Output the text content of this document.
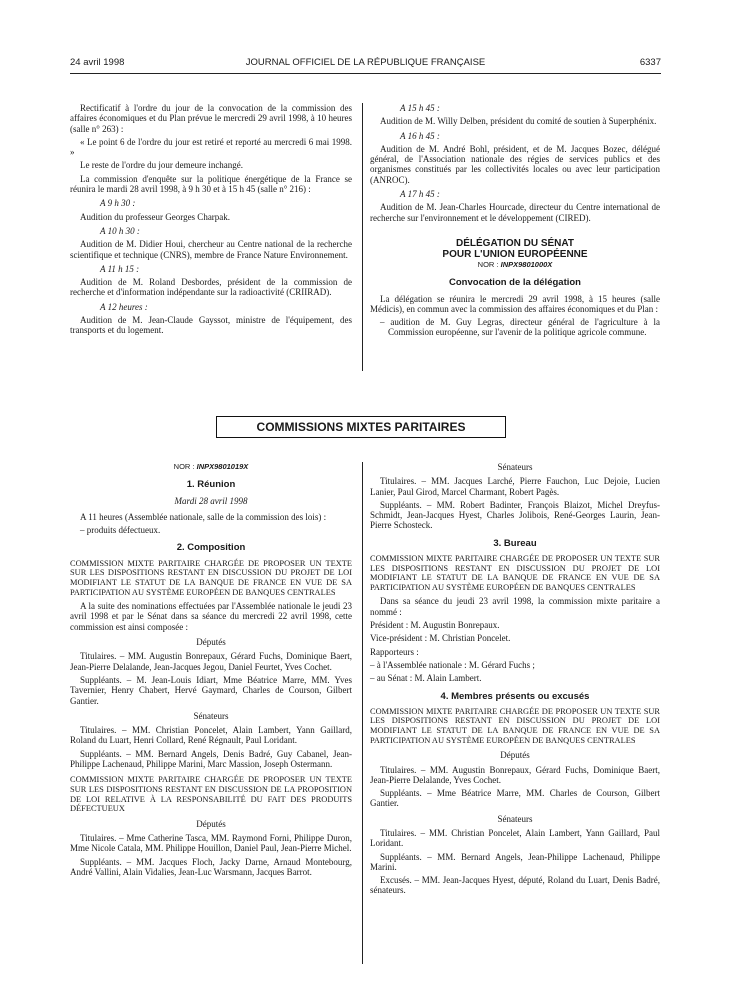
24 avril 1998	JOURNAL OFFICIEL DE LA RÉPUBLIQUE FRANÇAISE	6337

Rectificatif à l'ordre du jour de la convocation de la commission des affaires économiques et du Plan prévue le mercredi 29 avril 1998, à 10 heures (salle n° 263) :

« Le point 6 de l'ordre du jour est retiré et reporté au mercredi 6 mai 1998. »

Le reste de l'ordre du jour demeure inchangé.

La commission d'enquête sur la politique énergétique de la France se réunira le mardi 28 avril 1998, à 9 h 30 et à 15 h 45 (salle n° 216) :

A 9 h 30 :

Audition du professeur Georges Charpak.

A 10 h 30 :

Audition de M. Didier Houi, chercheur au Centre national de la recherche scientifique et technique (CNRS), membre de France Nature Environnement.

A 11 h 15 :

Audition de M. Roland Desbordes, président de la commission de recherche et d'information indépendante sur la radioactivité (CRIIRAD).

A 12 heures :

Audition de M. Jean-Claude Gayssot, ministre de l'équipement, des transports et du logement.

A 15 h 45 :

Audition de M. Willy Delben, président du comité de soutien à Superphénix.

A 16 h 45 :

Audition de M. André Bohl, président, et de M. Jacques Bozec, délégué général, de l'Association nationale des régies de services publics et des organismes constitués par les collectivités locales ou avec leur participation (ANROC).

A 17 h 45 :

Audition de M. Jean-Charles Hourcade, directeur du Centre international de recherche sur l'environnement et le développement (CIRED).

DÉLÉGATION DU SÉNAT

POUR L'UNION EUROPÉENNE

NOR : INPX9801000X

Convocation de la délégation

La délégation se réunira le mercredi 29 avril 1998, à 15 heures (salle Médicis), en commun avec la commission des affaires économiques et du Plan :

– audition de M. Guy Legras, directeur général de l'agriculture à la Commission européenne, sur l'avenir de la politique agricole commune.

COMMISSIONS MIXTES PARITAIRES

NOR : INPX9801019X

1. Réunion

Mardi 28 avril 1998

A 11 heures (Assemblée nationale, salle de la commission des lois) :

– produits défectueux.

2. Composition

COMMISSION MIXTE PARITAIRE CHARGÉE DE PROPOSER UN TEXTE SUR LES DISPOSITIONS RESTANT EN DISCUSSION DU PROJET DE LOI MODIFIANT LE STATUT DE LA BANQUE DE FRANCE EN VUE DE SA PARTICIPATION AU SYSTÈME EUROPÉEN DE BANQUES CENTRALES

A la suite des nominations effectuées par l'Assemblée nationale le jeudi 23 avril 1998 et par le Sénat dans sa séance du mercredi 22 avril 1998, cette commission est ainsi composée :

Députés

Titulaires. – MM. Augustin Bonrepaux, Gérard Fuchs, Dominique Baert, Jean-Pierre Delalande, Jean-Jacques Jegou, Daniel Feurtet, Yves Cochet.

Suppléants. – M. Jean-Louis Idiart, Mme Béatrice Marre, MM. Yves Tavernier, Henry Chabert, Hervé Gaymard, Charles de Courson, Gilbert Gantier.

Sénateurs

Titulaires. – MM. Christian Poncelet, Alain Lambert, Yann Gaillard, Roland du Luart, Henri Collard, René Régnault, Paul Loridant.

Suppléants. – MM. Bernard Angels, Denis Badré, Guy Cabanel, Jean-Philippe Lachenaud, Philippe Marini, Marc Massion, Joseph Ostermann.

COMMISSION MIXTE PARITAIRE CHARGÉE DE PROPOSER UN TEXTE SUR LES DISPOSITIONS RESTANT EN DISCUSSION DE LA PROPOSITION DE LOI RELATIVE À LA RESPONSABILITÉ DU FAIT DES PRODUITS DÉFECTUEUX

Députés

Titulaires. – Mme Catherine Tasca, MM. Raymond Forni, Philippe Duron, Mme Nicole Catala, MM. Philippe Houillon, Daniel Paul, Jean-Pierre Michel.

Suppléants. – MM. Jacques Floch, Jacky Darne, Arnaud Montebourg, André Vallini, Alain Vidalies, Jean-Luc Warsmann, Jacques Barrot.

Sénateurs

Titulaires. – MM. Jacques Larché, Pierre Fauchon, Luc Dejoie, Lucien Lanier, Paul Girod, Marcel Charmant, Robert Pagès.

Suppléants. – MM. Robert Badinter, François Blaizot, Michel Dreyfus-Schmidt, Jean-Jacques Hyest, Charles Jolibois, René-Georges Laurin, Jean-Pierre Schosteck.

3. Bureau

COMMISSION MIXTE PARITAIRE CHARGÉE DE PROPOSER UN TEXTE SUR LES DISPOSITIONS RESTANT EN DISCUSSION DU PROJET DE LOI MODIFIANT LE STATUT DE LA BANQUE DE FRANCE EN VUE DE SA PARTICIPATION AU SYSTÈME EUROPÉEN DE BANQUES CENTRALES

Dans sa séance du jeudi 23 avril 1998, la commission mixte paritaire a nommé :

Président : M. Augustin Bonrepaux.

Vice-président : M. Christian Poncelet.

Rapporteurs :

– à l'Assemblée nationale : M. Gérard Fuchs ;

– au Sénat : M. Alain Lambert.

4. Membres présents ou excusés

COMMISSION MIXTE PARITAIRE CHARGÉE DE PROPOSER UN TEXTE SUR LES DISPOSITIONS RESTANT EN DISCUSSION DU PROJET DE LOI MODIFIANT LE STATUT DE LA BANQUE DE FRANCE EN VUE DE SA PARTICIPATION AU SYSTÈME EUROPÉEN DE BANQUES CENTRALES

Députés

Titulaires. – MM. Augustin Bonrepaux, Gérard Fuchs, Dominique Baert, Jean-Pierre Delalande, Yves Cochet.

Suppléants. – Mme Béatrice Marre, MM. Charles de Courson, Gilbert Gantier.

Sénateurs

Titulaires. – MM. Christian Poncelet, Alain Lambert, Yann Gaillard, Paul Loridant.

Suppléants. – MM. Bernard Angels, Jean-Philippe Lachenaud, Philippe Marini.

Excusés. – MM. Jean-Jacques Hyest, député, Roland du Luart, Denis Badré, sénateurs.
